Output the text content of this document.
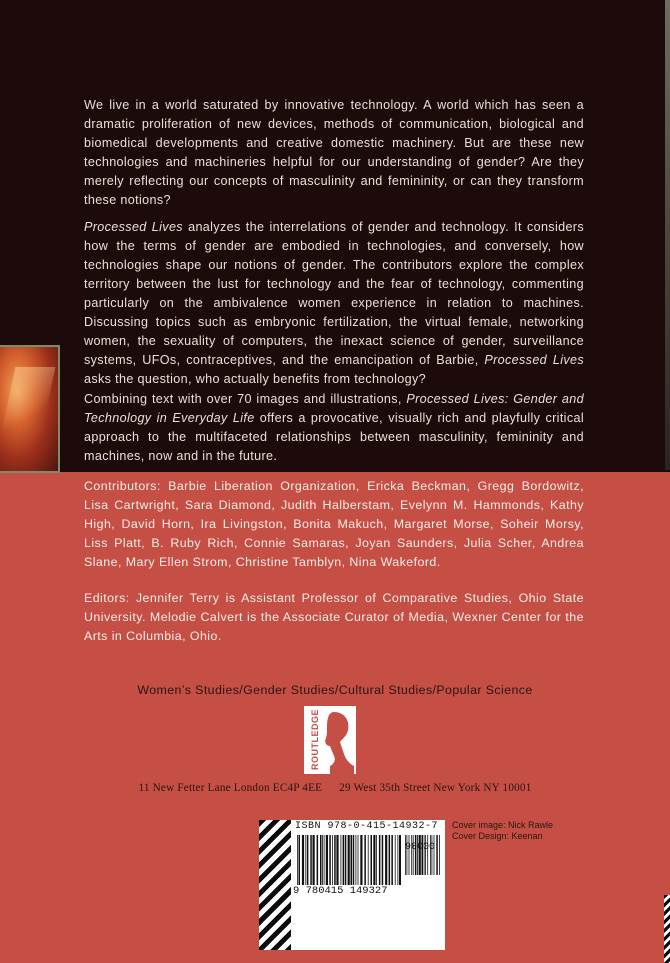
We live in a world saturated by innovative technology. A world which has seen a dramatic proliferation of new devices, methods of communication, biological and biomedical developments and creative domestic machinery. But are these new technologies and machineries helpful for our understanding of gender? Are they merely reflecting our concepts of masculinity and femininity, or can they transform these notions?

Processed Lives analyzes the interrelations of gender and technology. It considers how the terms of gender are embodied in technologies, and conversely, how technologies shape our notions of gender. The contributors explore the complex territory between the lust for technology and the fear of technology, commenting particularly on the ambivalence women experience in relation to machines. Discussing topics such as embryonic fertilization, the virtual female, networking women, the sexuality of computers, the inexact science of gender, surveillance systems, UFOs, contraceptives, and the emancipation of Barbie, Processed Lives asks the question, who actually benefits from technology?

Combining text with over 70 images and illustrations, Processed Lives: Gender and Technology in Everyday Life offers a provocative, visually rich and playfully critical approach to the multifaceted relationships between masculinity, femininity and machines, now and in the future.

Contributors: Barbie Liberation Organization, Ericka Beckman, Gregg Bordowitz, Lisa Cartwright, Sara Diamond, Judith Halberstam, Evelynn M. Hammonds, Kathy High, David Horn, Ira Livingston, Bonita Makuch, Margaret Morse, Soheir Morsy, Liss Platt, B. Ruby Rich, Connie Samaras, Joyan Saunders, Julia Scher, Andrea Slane, Mary Ellen Strom, Christine Tamblyn, Nina Wakeford.

Editors: Jennifer Terry is Assistant Professor of Comparative Studies, Ohio State University. Melodie Calvert is the Associate Curator of Media, Wexner Center for the Arts in Columbia, Ohio.

Women’s Studies/Gender Studies/Cultural Studies/Popular Science
ROUTLEDGE
11 New Fetter Lane London EC4P 4EE 29 West 35th Street New York NY 10001
ISBN 978-0-415-14932-7
9 780415 149327
90000
Cover image: Nick Rawle
Cover Design: Keenan
